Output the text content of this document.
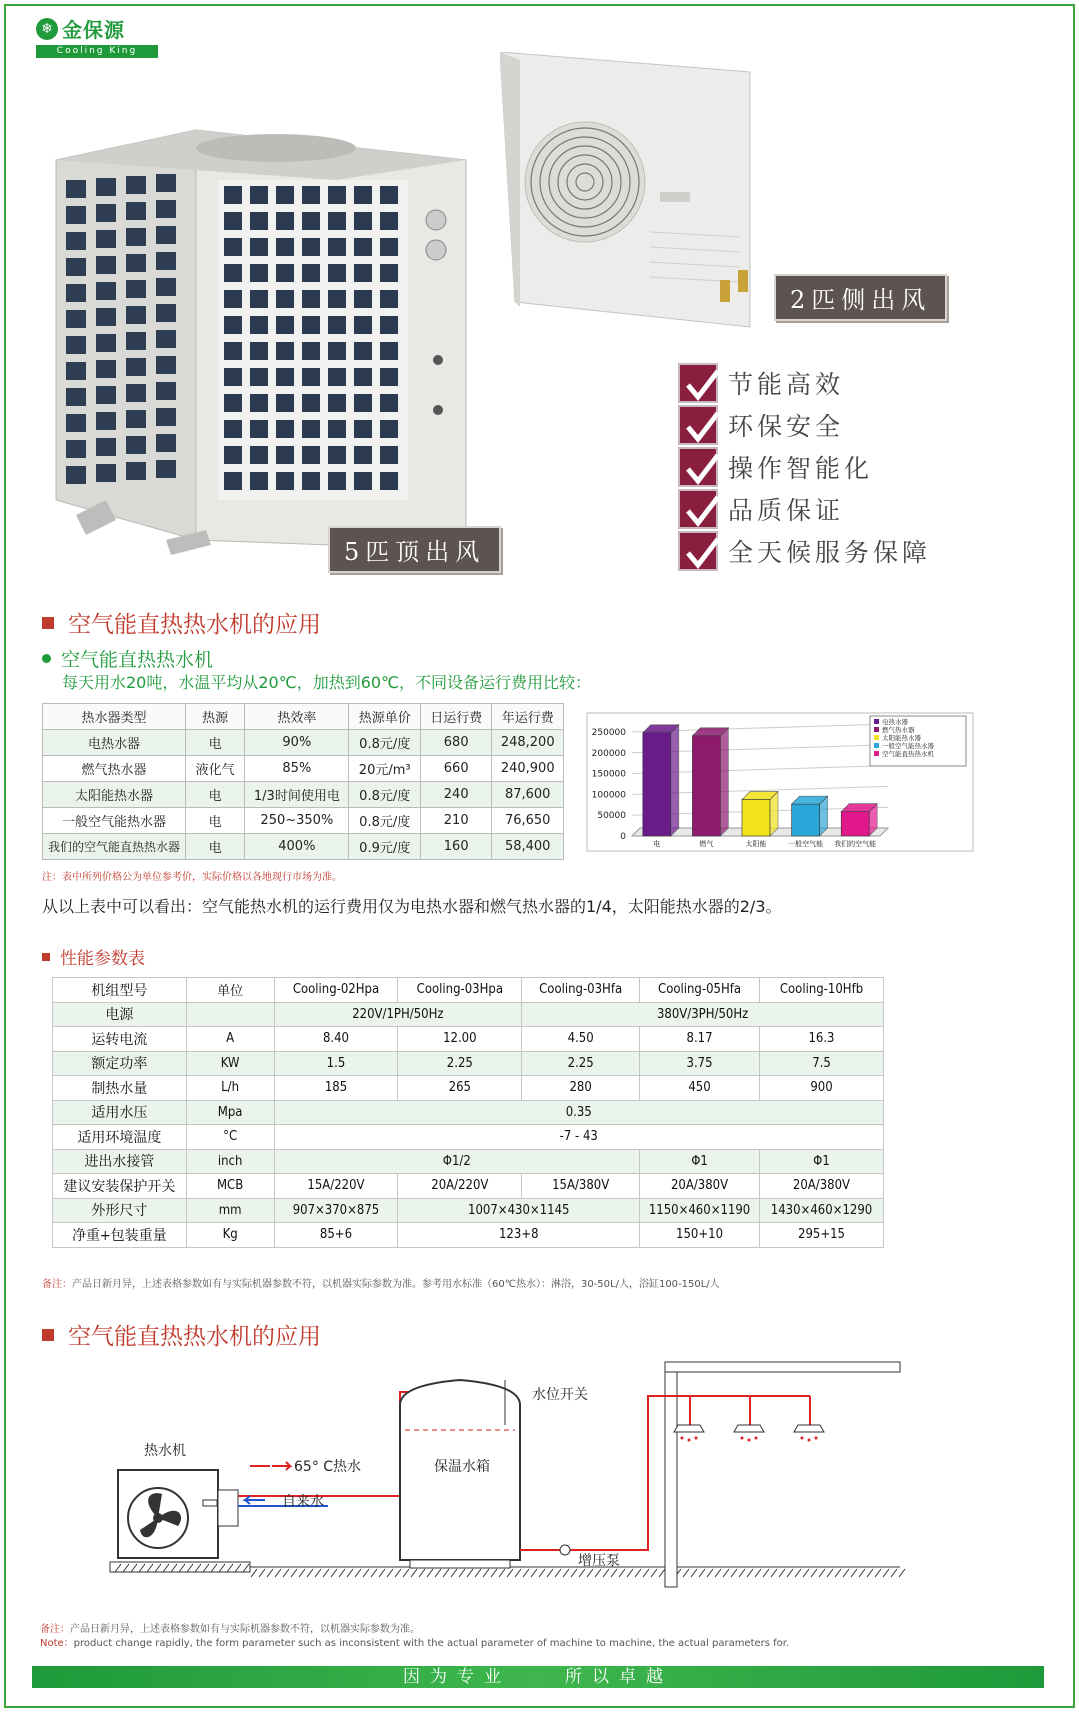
❄ 金保源
Cooling King
5匹顶出风
2匹侧出风
节能高效
环保安全
操作智能化
品质保证
全天候服务保障
空气能直热热水机的应用
空气能直热热水机
每天用水20吨，水温平均从20℃，加热到60℃，不同设备运行费用比较：
热水器类型	热源	热效率	热源单价	日运行费	年运行费
电热水器	电	90%	0.8元/度	680	248,200
燃气热水器	液化气	85%	20元/m³	660	240,900
太阳能热水器	电	1/3时间使用电	0.8元/度	240	87,600
一般空气能热水器	电	250~350%	0.8元/度	210	76,650
我们的空气能直热热水器	电	400%	0.9元/度	160	58,400
0
50000
100000
150000
200000
250000
电	燃气	太阳能	一般空气能 我们的空气能
电热水器
燃气热水器
太阳能热水器
一般空气能热水器
空气能直热热水机
注：表中所列价格公为单位参考价，实际价格以各地现行市场为准。
从以上表中可以看出：空气能热水机的运行费用仅为电热水器和燃气热水器的1/4，太阳能热水器的2/3。
性能参数表
机组型号	单位	Cooling-02Hpa	Cooling-03Hpa	Cooling-03Hfa	Cooling-05Hfa	Cooling-10Hfb
电源		220V/1PH/50Hz		380V/3PH/50Hz		
运转电流	A	8.40	12.00	4.50	8.17	16.3
额定功率	KW	1.5	2.25	2.25	3.75	7.5
制热水量	L/h	185	265	280	450	900
适用水压	Mpa	0.35				
适用环境温度	°C	-7 - 43				
进出水接管	inch	Φ1/2			Φ1	Φ1
建议安装保护开关	MCB	15A/220V	20A/220V	15A/380V	20A/380V	20A/380V
外形尺寸	mm	907×370×875	1007×430×1145		1150×460×1190	1430×460×1290
净重+包装重量	Kg	85+6	123+8		150+10	295+15
备注：产品日新月异，上述表格参数如有与实际机器参数不符，以机器实际参数为准。参考用水标准（60℃热水）：淋浴，30-50L/人，浴缸100-150L/人
空气能直热热水机的应用
热水机
65° C热水
自来水
保温水箱
水位开关
增压泵
备注：产品日新月异，上述表格参数如有与实际机器参数不符，以机器实际参数为准。
Note：product change rapidly, the form parameter such as inconsistent with the actual parameter of machine to machine, the actual parameters for.
因为专业　　所以卓越
